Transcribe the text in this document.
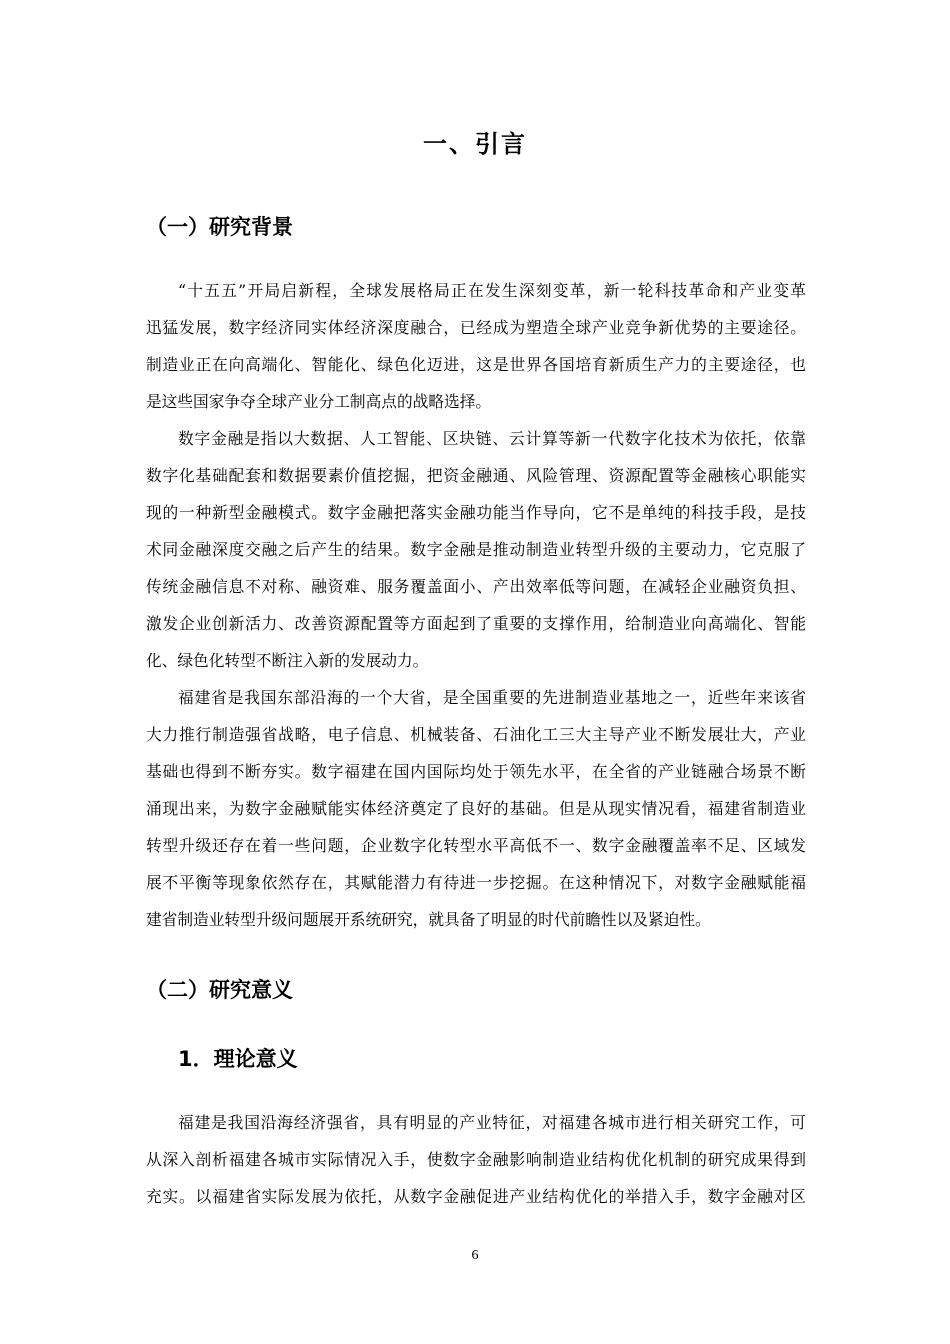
一、引言
（一）研究背景
“十五五”开局启新程，全球发展格局正在发生深刻变革，新一轮科技革命和产业变革
迅猛发展，数字经济同实体经济深度融合，已经成为塑造全球产业竞争新优势的主要途径。
制造业正在向高端化、智能化、绿色化迈进，这是世界各国培育新质生产力的主要途径，也
是这些国家争夺全球产业分工制高点的战略选择。
数字金融是指以大数据、人工智能、区块链、云计算等新一代数字化技术为依托，依靠
数字化基础配套和数据要素价值挖掘，把资金融通、风险管理、资源配置等金融核心职能实
现的一种新型金融模式。数字金融把落实金融功能当作导向，它不是单纯的科技手段，是技
术同金融深度交融之后产生的结果。数字金融是推动制造业转型升级的主要动力，它克服了
传统金融信息不对称、融资难、服务覆盖面小、产出效率低等问题，在减轻企业融资负担、
激发企业创新活力、改善资源配置等方面起到了重要的支撑作用，给制造业向高端化、智能
化、绿色化转型不断注入新的发展动力。
福建省是我国东部沿海的一个大省，是全国重要的先进制造业基地之一，近些年来该省
大力推行制造强省战略，电子信息、机械装备、石油化工三大主导产业不断发展壮大，产业
基础也得到不断夯实。数字福建在国内国际均处于领先水平，在全省的产业链融合场景不断
涌现出来，为数字金融赋能实体经济奠定了良好的基础。但是从现实情况看，福建省制造业
转型升级还存在着一些问题，企业数字化转型水平高低不一、数字金融覆盖率不足、区域发
展不平衡等现象依然存在，其赋能潜力有待进一步挖掘。在这种情况下，对数字金融赋能福
建省制造业转型升级问题展开系统研究，就具备了明显的时代前瞻性以及紧迫性。
（二）研究意义
1．理论意义
福建是我国沿海经济强省，具有明显的产业特征，对福建各城市进行相关研究工作，可
从深入剖析福建各城市实际情况入手，使数字金融影响制造业结构优化机制的研究成果得到
充实。以福建省实际发展为依托，从数字金融促进产业结构优化的举措入手，数字金融对区
6
